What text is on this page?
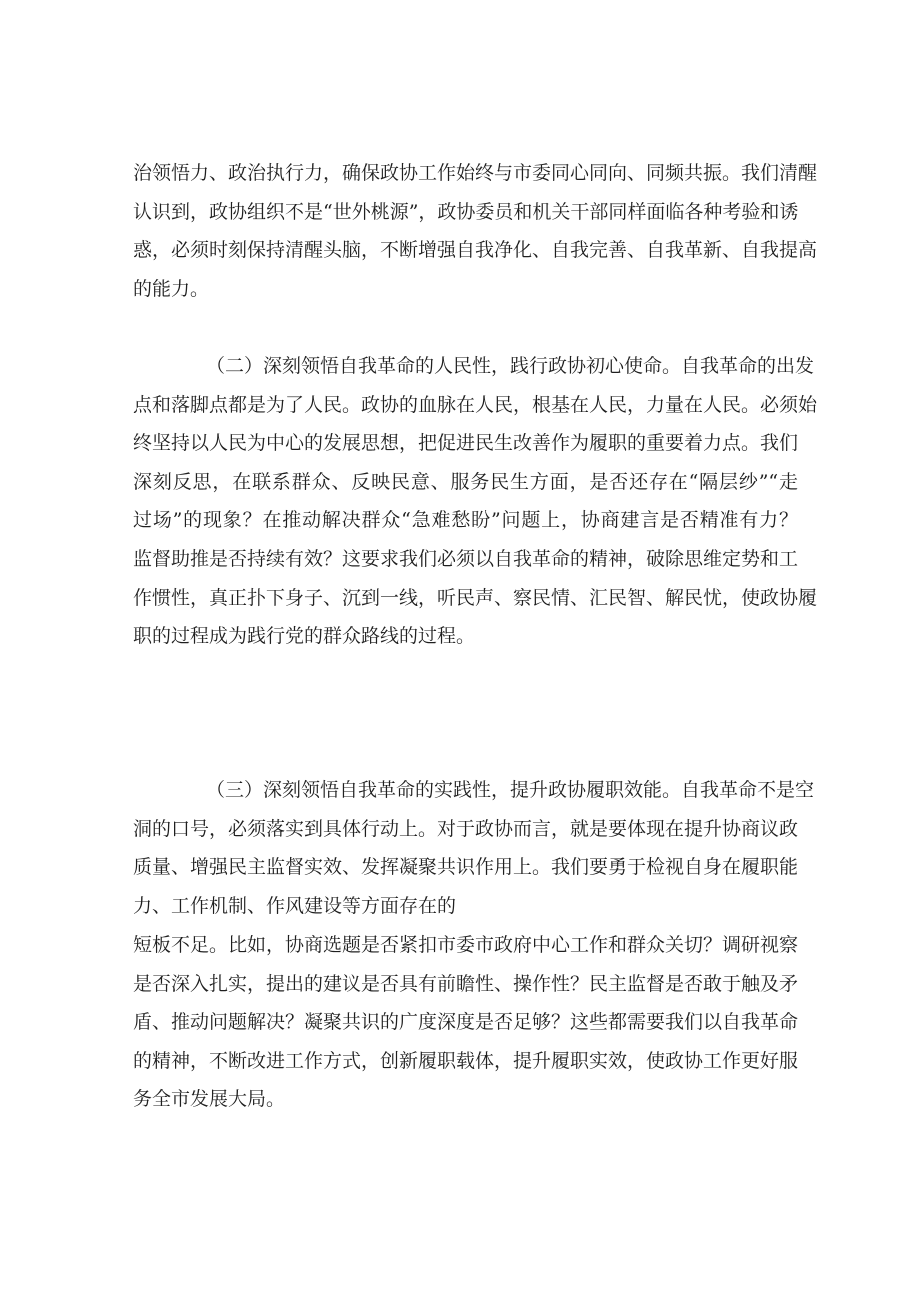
治领悟力、政治执行力，确保政协工作始终与市委同心同向、同频共振。我们清醒
认识到，政协组织不是“世外桃源”，政协委员和机关干部同样面临各种考验和诱
惑，必须时刻保持清醒头脑，不断增强自我净化、自我完善、自我革新、自我提高
的能力。
（二）深刻领悟自我革命的人民性，践行政协初心使命。自我革命的出发
点和落脚点都是为了人民。政协的血脉在人民，根基在人民，力量在人民。必须始
终坚持以人民为中心的发展思想，把促进民生改善作为履职的重要着力点。我们
深刻反思，在联系群众、反映民意、服务民生方面，是否还存在“隔层纱”“走
过场”的现象？在推动解决群众“急难愁盼”问题上，协商建言是否精准有力？
监督助推是否持续有效？这要求我们必须以自我革命的精神，破除思维定势和工
作惯性，真正扑下身子、沉到一线，听民声、察民情、汇民智、解民忧，使政协履
职的过程成为践行党的群众路线的过程。
（三）深刻领悟自我革命的实践性，提升政协履职效能。自我革命不是空
洞的口号，必须落实到具体行动上。对于政协而言，就是要体现在提升协商议政
质量、增强民主监督实效、发挥凝聚共识作用上。我们要勇于检视自身在履职能
力、工作机制、作风建设等方面存在的
短板不足。比如，协商选题是否紧扣市委市政府中心工作和群众关切？调研视察
是否深入扎实，提出的建议是否具有前瞻性、操作性？民主监督是否敢于触及矛
盾、推动问题解决？凝聚共识的广度深度是否足够？这些都需要我们以自我革命
的精神，不断改进工作方式，创新履职载体，提升履职实效，使政协工作更好服
务全市发展大局。
